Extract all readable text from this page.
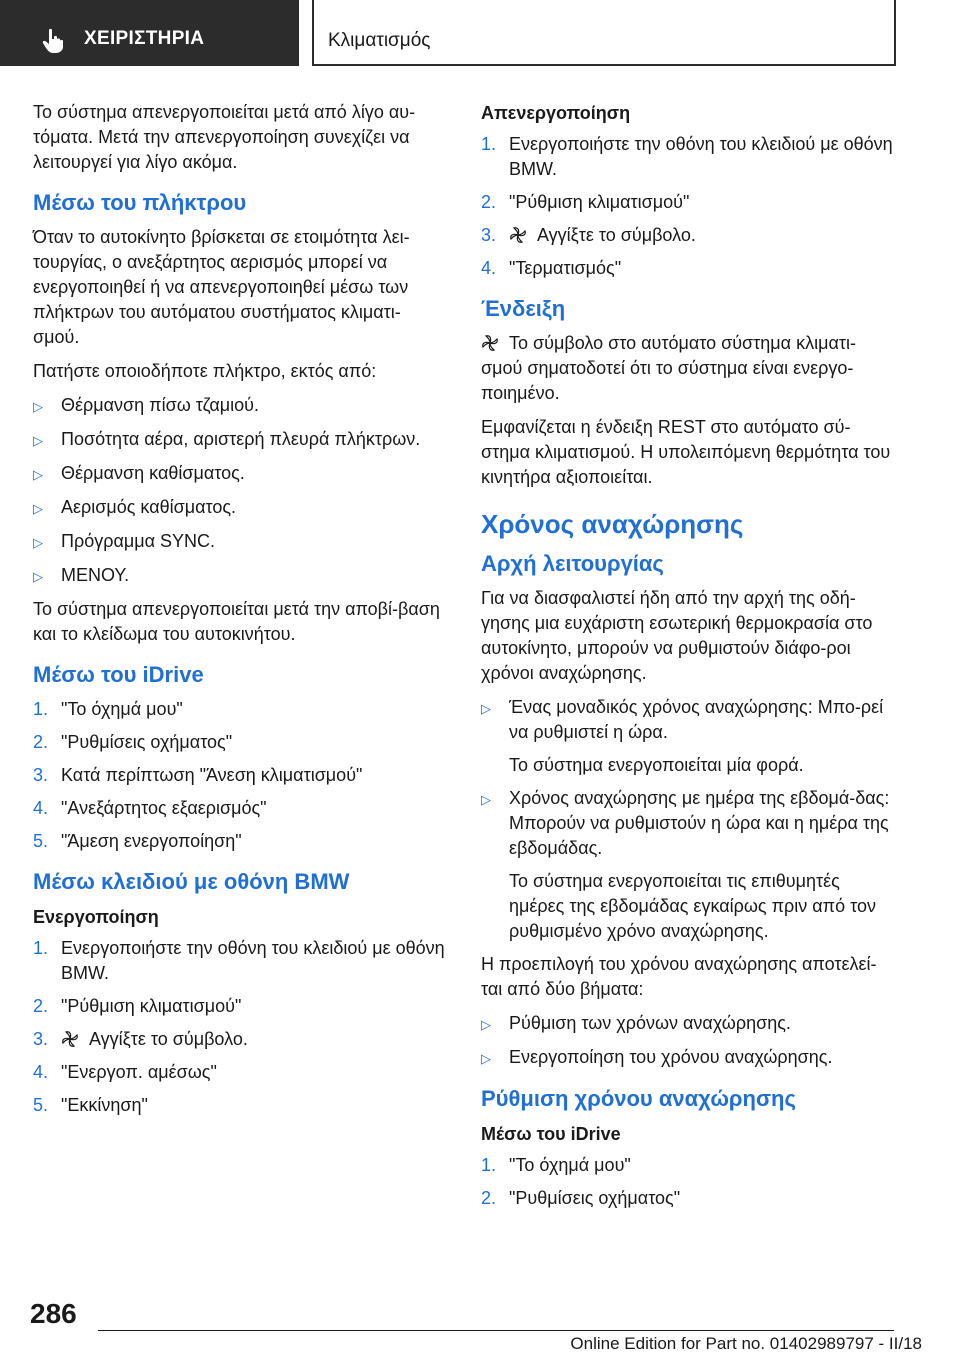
ΧΕΙΡΙΣΤΗΡΙΑ	Κλιματισμός

Το σύστημα απενεργοποιείται μετά από λίγο αυ-τόματα. Μετά την απενεργοποίηση συνεχίζει να λειτουργεί για λίγο ακόμα.

Μέσω του πλήκτρου

Όταν το αυτοκίνητο βρίσκεται σε ετοιμότητα λει-τουργίας, ο ανεξάρτητος αερισμός μπορεί να ενεργοποιηθεί ή να απενεργοποιηθεί μέσω των πλήκτρων του αυτόματου συστήματος κλιματι-σμού.

Πατήστε οποιοδήποτε πλήκτρο, εκτός από:

▷	Θέρμανση πίσω τζαμιού.
▷	Ποσότητα αέρα, αριστερή πλευρά πλήκτρων.
▷	Θέρμανση καθίσματος.
▷	Αερισμός καθίσματος.
▷	Πρόγραμμα SYNC.
▷	ΜΕΝΟΥ.

Το σύστημα απενεργοποιείται μετά την αποβί-βαση και το κλείδωμα του αυτοκινήτου.

Μέσω του iDrive
1. "Το όχημά μου"
2. "Ρυθμίσεις οχήματος"
3. Κατά περίπτωση "Άνεση κλιματισμού"
4. "Ανεξάρτητος εξαερισμός"
5. "Άμεση ενεργοποίηση"
Μέσω κλειδιού με οθόνη BMW
Ενεργοποίηση
1. Ενεργοποιήστε την οθόνη του κλειδιού με οθόνη BMW.
2. "Ρύθμιση κλιματισμού"
3.	Αγγίξτε το σύμβολο.
4. "Ενεργοπ. αμέσως"
5. "Εκκίνηση"
Απενεργοποίηση
1. Ενεργοποιήστε την οθόνη του κλειδιού με οθόνη BMW.
2. "Ρύθμιση κλιματισμού"
3.	Αγγίξτε το σύμβολο.
4. "Τερματισμός"
Ένδειξη

Το σύμβολο στο αυτόματο σύστημα κλιματι-σμού σηματοδοτεί ότι το σύστημα είναι ενεργο-ποιημένο.

Εμφανίζεται η ένδειξη REST στο αυτόματο σύ-στημα κλιματισμού. Η υπολειπόμενη θερμότητα του κινητήρα αξιοποιείται.

Χρόνος αναχώρησης
Αρχή λειτουργίας

Για να διασφαλιστεί ήδη από την αρχή της οδή-γησης μια ευχάριστη εσωτερική θερμοκρασία στο αυτοκίνητο, μπορούν να ρυθμιστούν διάφο-ροι χρόνοι αναχώρησης.

▷	Ένας μοναδικός χρόνος αναχώρησης: Μπο-ρεί να ρυθμιστεί η ώρα.

Το σύστημα ενεργοποιείται μία φορά.

▷	Χρόνος αναχώρησης με ημέρα της εβδομά-δας: Μπορούν να ρυθμιστούν η ώρα και η ημέρα της εβδομάδας.

Το σύστημα ενεργοποιείται τις επιθυμητές ημέρες της εβδομάδας εγκαίρως πριν από τον ρυθμισμένο χρόνο αναχώρησης.

Η προεπιλογή του χρόνου αναχώρησης αποτελεί-ται από δύο βήματα:

▷	Ρύθμιση των χρόνων αναχώρησης.
▷	Ενεργοποίηση του χρόνου αναχώρησης.
Ρύθμιση χρόνου αναχώρησης
Μέσω του iDrive
1. "Το όχημά μου"
2. "Ρυθμίσεις οχήματος"
286
Online Edition for Part no. 01402989797 - II/18
